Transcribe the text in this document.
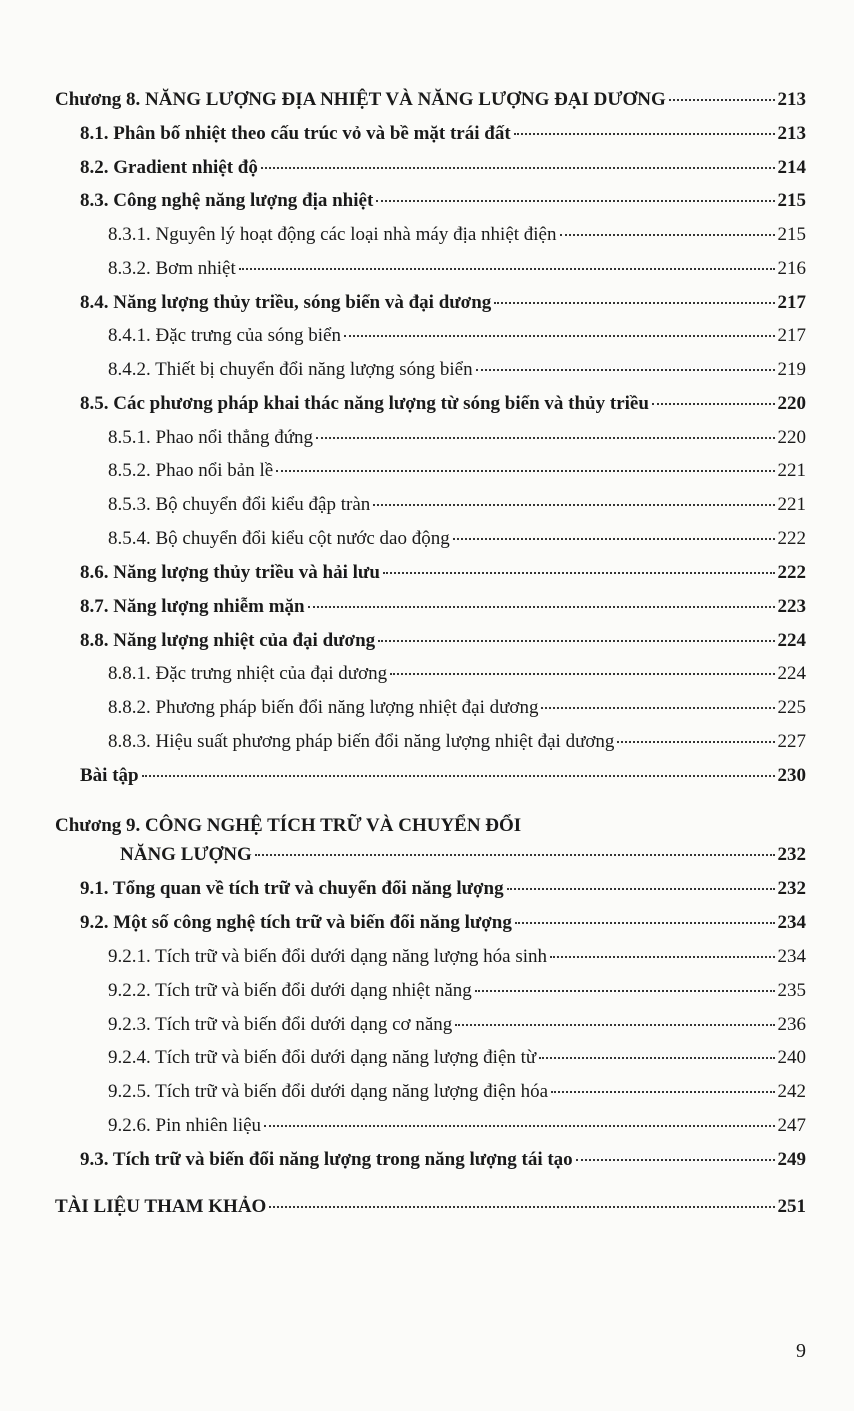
Chương 8. NĂNG LƯỢNG ĐỊA NHIỆT VÀ NĂNG LƯỢNG ĐẠI DƯƠNG	213
8.1. Phân bố nhiệt theo cấu trúc vỏ và bề mặt trái đất	213
8.2. Gradient nhiệt độ	214
8.3. Công nghệ năng lượng địa nhiệt	215
8.3.1. Nguyên lý hoạt động các loại nhà máy địa nhiệt điện	215
8.3.2. Bơm nhiệt	216
8.4. Năng lượng thủy triều, sóng biển và đại dương	217
8.4.1. Đặc trưng của sóng biển	217
8.4.2. Thiết bị chuyển đổi năng lượng sóng biển	219
8.5. Các phương pháp khai thác năng lượng từ sóng biển và thủy triều	220
8.5.1. Phao nổi thẳng đứng	220
8.5.2. Phao nổi bản lề	221
8.5.3. Bộ chuyển đổi kiểu đập tràn	221
8.5.4. Bộ chuyển đổi kiểu cột nước dao động	222
8.6. Năng lượng thủy triều và hải lưu	222
8.7. Năng lượng nhiễm mặn	223
8.8. Năng lượng nhiệt của đại dương	224
8.8.1. Đặc trưng nhiệt của đại dương	224
8.8.2. Phương pháp biến đổi năng lượng nhiệt đại dương	225
8.8.3. Hiệu suất phương pháp biến đổi năng lượng nhiệt đại dương	227
Bài tập	230
Chương 9. CÔNG NGHỆ TÍCH TRỮ VÀ CHUYỂN ĐỔI
NĂNG LƯỢNG	232
9.1. Tổng quan về tích trữ và chuyển đổi năng lượng	232
9.2. Một số công nghệ tích trữ và biến đổi năng lượng	234
9.2.1. Tích trữ và biến đổi dưới dạng năng lượng hóa sinh	234
9.2.2. Tích trữ và biến đổi dưới dạng nhiệt năng	235
9.2.3. Tích trữ và biến đổi dưới dạng cơ năng	236
9.2.4. Tích trữ và biến đổi dưới dạng năng lượng điện từ	240
9.2.5. Tích trữ và biến đổi dưới dạng năng lượng điện hóa	242
9.2.6. Pin nhiên liệu	247
9.3. Tích trữ và biến đổi năng lượng trong năng lượng tái tạo	249
TÀI LIỆU THAM KHẢO	251
9
